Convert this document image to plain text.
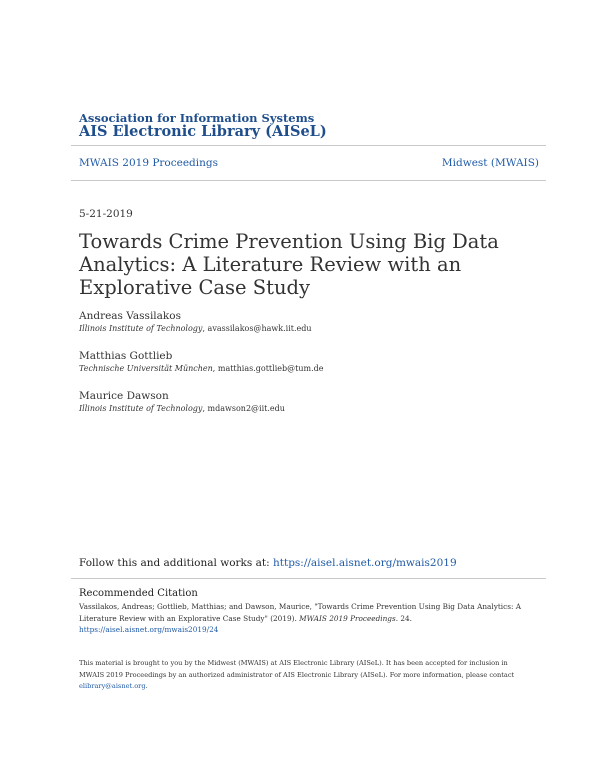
Association for Information Systems
AIS Electronic Library (AISeL)
MWAIS 2019 Proceedings	Midwest (MWAIS)
5-21-2019
Towards Crime Prevention Using Big Data Analytics: A Literature Review with an Explorative Case Study
Andreas Vassilakos
Illinois Institute of Technology, avassilakos@hawk.iit.edu
Matthias Gottlieb
Technische Universität München, matthias.gottlieb@tum.de
Maurice Dawson
Illinois Institute of Technology, mdawson2@iit.edu
Follow this and additional works at: https://aisel.aisnet.org/mwais2019
Recommended Citation
Vassilakos, Andreas; Gottlieb, Matthias; and Dawson, Maurice, "Towards Crime Prevention Using Big Data Analytics: A Literature Review with an Explorative Case Study" (2019). MWAIS 2019 Proceedings. 24.
https://aisel.aisnet.org/mwais2019/24
This material is brought to you by the Midwest (MWAIS) at AIS Electronic Library (AISeL). It has been accepted for inclusion in MWAIS 2019 Proceedings by an authorized administrator of AIS Electronic Library (AISeL). For more information, please contact elibrary@aisnet.org.
